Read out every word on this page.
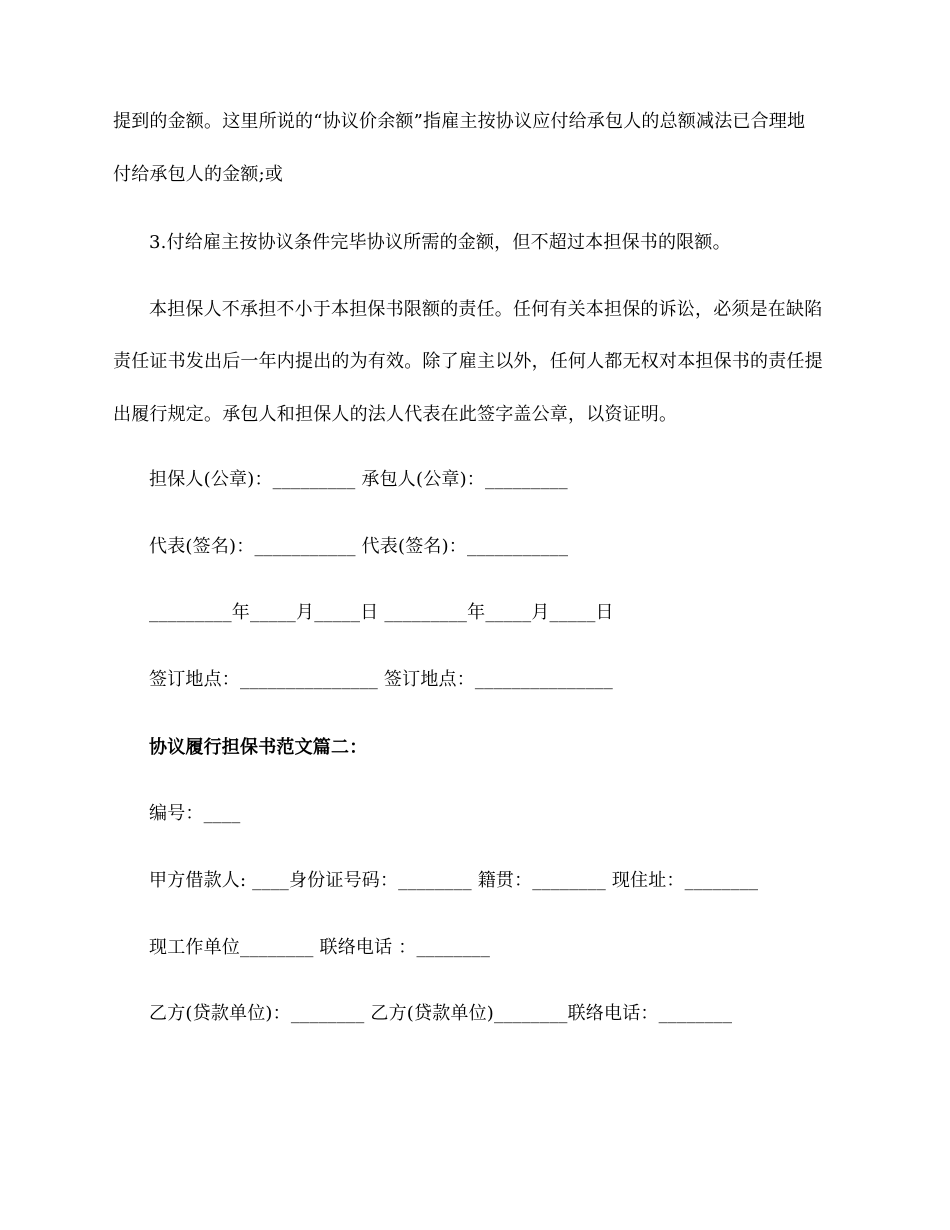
提到的金额。这里所说的“协议价余额”指雇主按协议应付给承包人的总额减法已合理地
付给承包人的金额;或
3.付给雇主按协议条件完毕协议所需的金额，但不超过本担保书的限额。
本担保人不承担不小于本担保书限额的责任。任何有关本担保的诉讼，必须是在缺陷
责任证书发出后一年内提出的为有效。除了雇主以外，任何人都无权对本担保书的责任提
出履行规定。承包人和担保人的法人代表在此签字盖公章，以资证明。
担保人(公章)：_________ 承包人(公章)：_________
代表(签名)：___________ 代表(签名)：___________
_________年_____月_____日 _________年_____月_____日
签订地点：_______________ 签订地点：_______________
协议履行担保书范文篇二：
编号：____
甲方借款人: ____身份证号码：________ 籍贯：________ 现住址：________
现工作单位________ 联络电话 ：________
乙方(贷款单位)：________ 乙方(贷款单位)________联络电话：________
